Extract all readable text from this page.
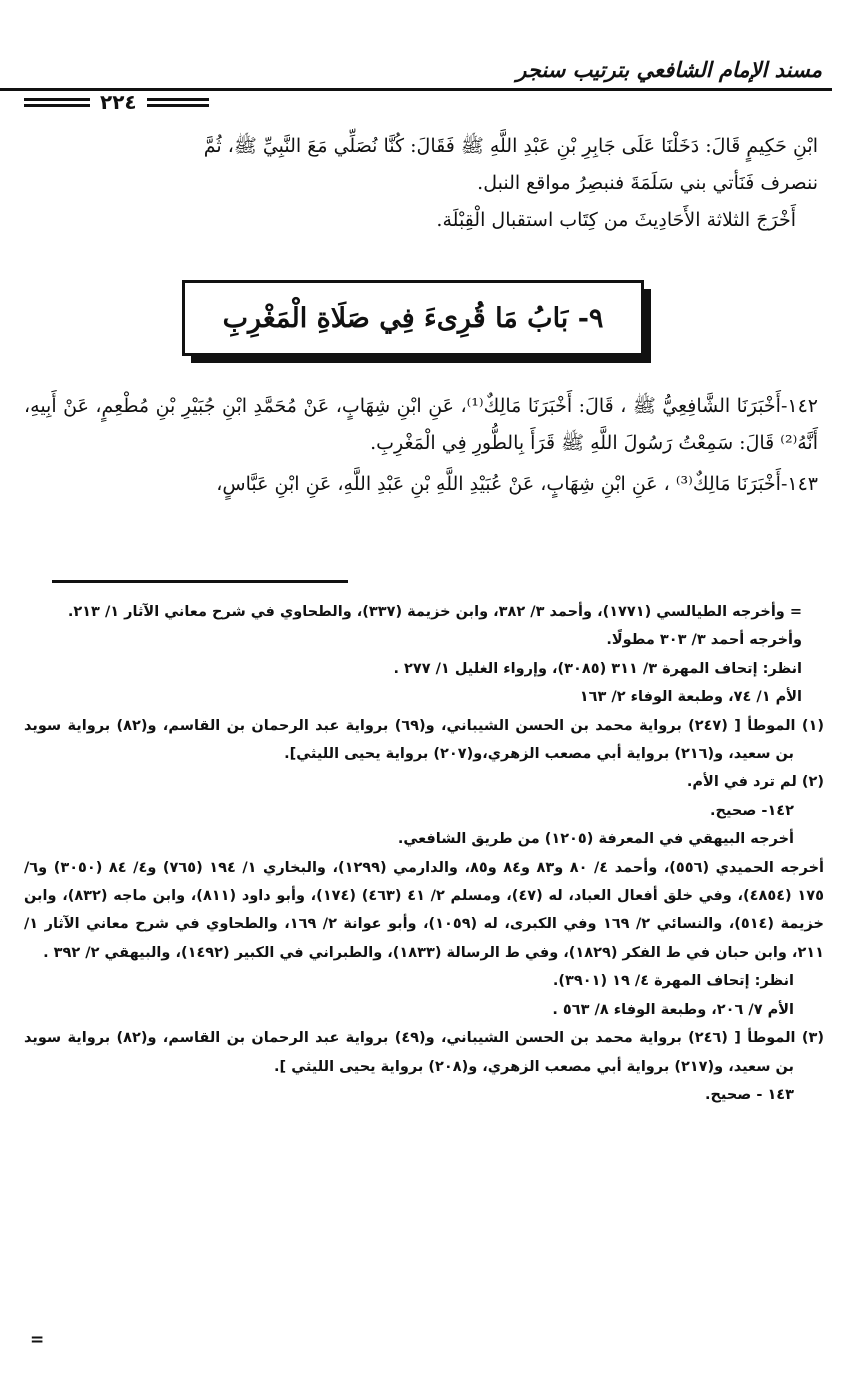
مسند الإمام الشافعي بترتيب سنجر
٢٢٤

ابْنِ حَكِيمٍ قَالَ: دَخَلْنَا عَلَى جَابِرِ بْنِ عَبْدِ اللَّهِ ﷺ فَقَالَ: كُنَّا نُصَلِّي مَعَ النَّبِيِّ ﷺ، ثُمَّ

ننصرف فَنَأتي بني سَلَمَةَ فنبصِرُ مواقع النبل.

أَخْرَجَ الثلاثة الأَحَادِيثَ من كِتَاب استقبال الْقِبْلَة.

٩- بَابُ مَا قُرِىءَ فِي صَلَاةِ الْمَغْرِبِ

١٤٢-أَخْبَرَنَا الشَّافِعِيُّ ﷺ ، قَالَ: أَخْبَرَنَا مَالِكٌ⁽¹⁾، عَنِ ابْنِ شِهَابٍ، عَنْ مُحَمَّدِ ابْنِ جُبَيْرِ بْنِ مُطْعِمٍ، عَنْ أَبِيهِ، أَنَّهُ⁽²⁾ قَالَ: سَمِعْتُ رَسُولَ اللَّهِ ﷺ قَرَأَ بِالطُّورِ فِي الْمَغْرِبِ.

١٤٣-أَخْبَرَنَا مَالِكٌ⁽³⁾ ، عَنِ ابْنِ شِهَابٍ، عَنْ عُبَيْدِ اللَّهِ بْنِ عَبْدِ اللَّهِ، عَنِ ابْنِ عَبَّاسٍ،

= وأخرجه الطيالسي (١٧٧١)، وأحمد ٣/ ٣٨٢، وابن خزيمة (٣٣٧)، والطحاوي في شرح معاني الآثار ١/ ٢١٣.

وأخرجه أحمد ٣/ ٣٠٣ مطولًا.

انظر: إتحاف المهرة ٣/ ٣١١ (٣٠٨٥)، وإرواء الغليل ١/ ٢٧٧ .

الأم ١/ ٧٤، وطبعة الوفاء ٢/ ١٦٣

(١) الموطأ [ (٢٤٧) برواية محمد بن الحسن الشيباني، و(٦٩) برواية عبد الرحمان بن القاسم، و(٨٢) برواية سويد بن سعيد، و(٢١٦) برواية أبي مصعب الزهري،و(٢٠٧) برواية يحيى الليثي].

(٢) لم ترد في الأم.

١٤٢- صحيح.

أخرجه البيهقي في المعرفة (١٢٠٥) من طريق الشافعي.

أخرجه الحميدي (٥٥٦)، وأحمد ٤/ ٨٠ و٨٣ و٨٤ و٨٥، والدارمي (١٢٩٩)، والبخاري ١/ ١٩٤ (٧٦٥) و٤/ ٨٤ (٣٠٥٠) و٦/ ١٧٥ (٤٨٥٤)، وفي خلق أفعال العباد، له (٤٧)، ومسلم ٢/ ٤١ (٤٦٣) (١٧٤)، وأبو داود (٨١١)، وابن ماجه (٨٣٢)، وابن خزيمة (٥١٤)، والنسائي ٢/ ١٦٩ وفي الكبرى، له (١٠٥٩)، وأبو عوانة ٢/ ١٦٩، والطحاوي في شرح معاني الآثار ١/ ٢١١، وابن حبان في ط الفكر (١٨٢٩)، وفي ط الرسالة (١٨٣٣)، والطبراني في الكبير (١٤٩٢)، والبيهقي ٢/ ٣٩٢ .

انظر: إتحاف المهرة ٤/ ١٩ (٣٩٠١).

الأم ٧/ ٢٠٦، وطبعة الوفاء ٨/ ٥٦٣ .

(٣) الموطأ [ (٢٤٦) برواية محمد بن الحسن الشيباني، و(٤٩) برواية عبد الرحمان بن القاسم، و(٨٢) برواية سويد بن سعيد، و(٢١٧) برواية أبي مصعب الزهري، و(٢٠٨) برواية يحيى الليثي ].

١٤٣ - صحيح.

=
